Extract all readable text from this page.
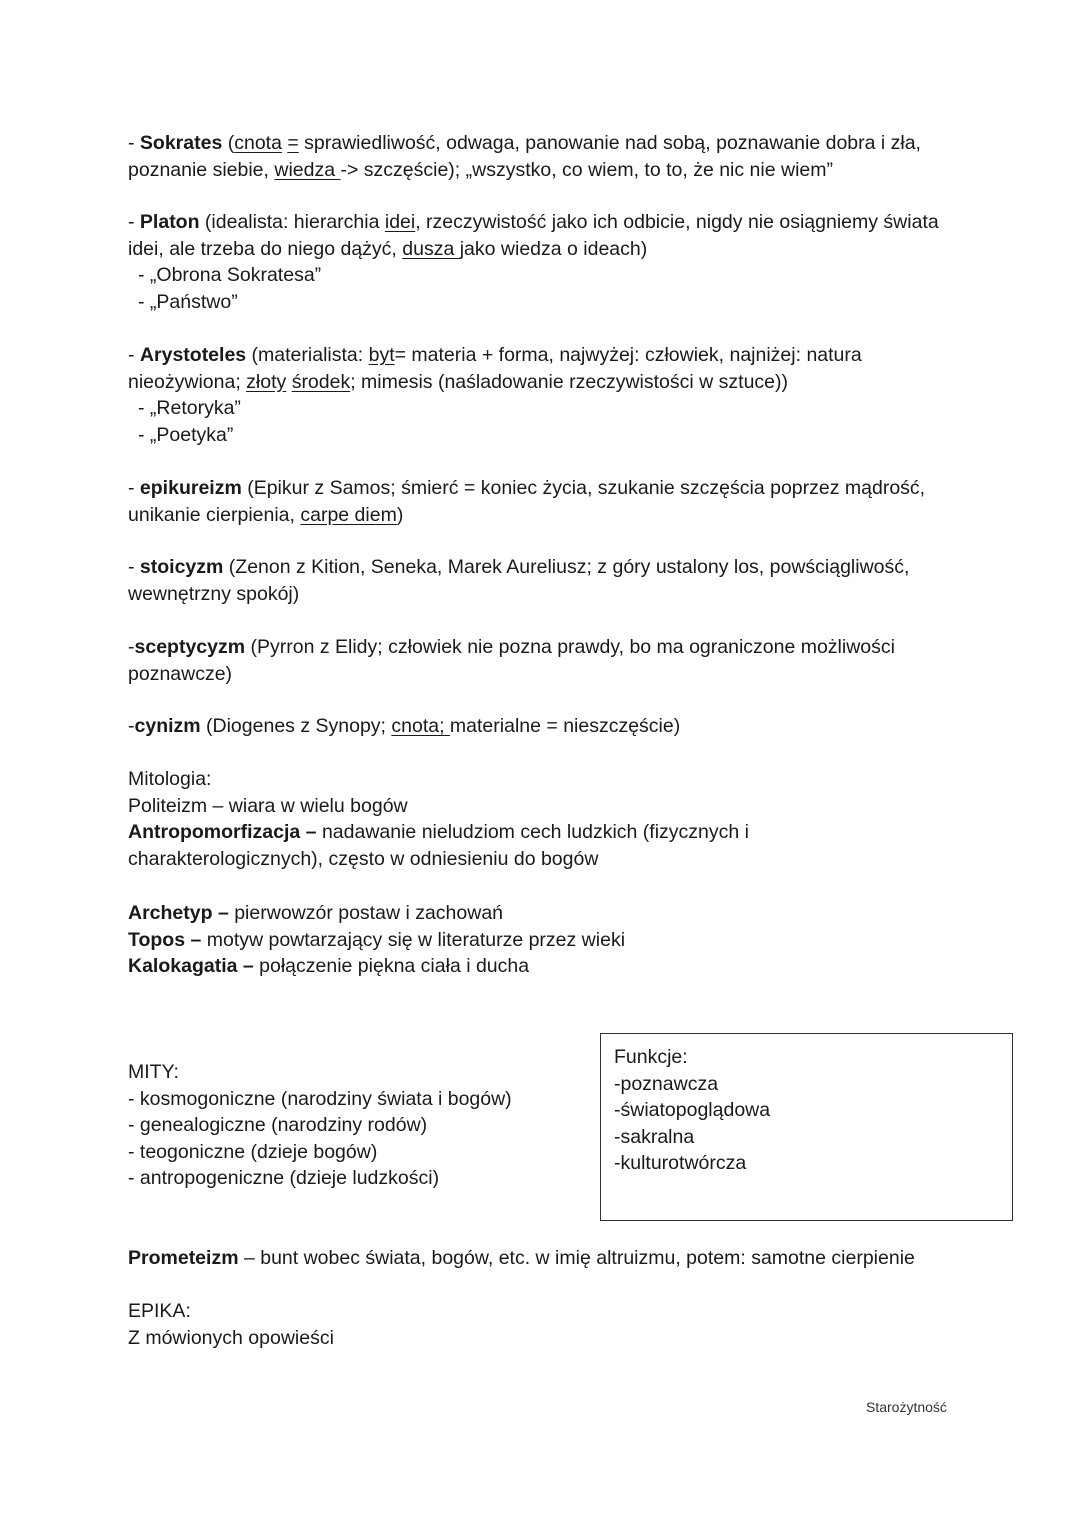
- Sokrates (cnota = sprawiedliwość, odwaga, panowanie nad sobą, poznawanie dobra i zła,
poznanie siebie, wiedza -> szczęście); „wszystko, co wiem, to to, że nic nie wiem”
- Platon (idealista: hierarchia idei, rzeczywistość jako ich odbicie, nigdy nie osiągniemy świata
idei, ale trzeba do niego dążyć, dusza jako wiedza o ideach)
- „Obrona Sokratesa”
- „Państwo”
- Arystoteles (materialista: byt= materia + forma, najwyżej: człowiek, najniżej: natura
nieożywiona; złoty środek; mimesis (naśladowanie rzeczywistości w sztuce))
- „Retoryka”
- „Poetyka”
- epikureizm (Epikur z Samos; śmierć = koniec życia, szukanie szczęścia poprzez mądrość,
unikanie cierpienia, carpe diem)
- stoicyzm (Zenon z Kition, Seneka, Marek Aureliusz; z góry ustalony los, powściągliwość,
wewnętrzny spokój)
-sceptycyzm (Pyrron z Elidy; człowiek nie pozna prawdy, bo ma ograniczone możliwości
poznawcze)
-cynizm (Diogenes z Synopy; cnota; materialne = nieszczęście)
Mitologia:
Politeizm – wiara w wielu bogów
Antropomorfizacja – nadawanie nieludziom cech ludzkich (fizycznych i
charakterologicznych), często w odniesieniu do bogów
Archetyp – pierwowzór postaw i zachowań
Topos – motyw powtarzający się w literaturze przez wieki
Kalokagatia – połączenie piękna ciała i ducha
MITY:
- kosmogoniczne (narodziny świata i bogów)
- genealogiczne (narodziny rodów)
- teogoniczne (dzieje bogów)
- antropogeniczne (dzieje ludzkości)
Funkcje:
-poznawcza
-światopoglądowa
-sakralna
-kulturotwórcza
Prometeizm – bunt wobec świata, bogów, etc. w imię altruizmu, potem: samotne cierpienie
EPIKA:
Z mówionych opowieści
Starożytność
